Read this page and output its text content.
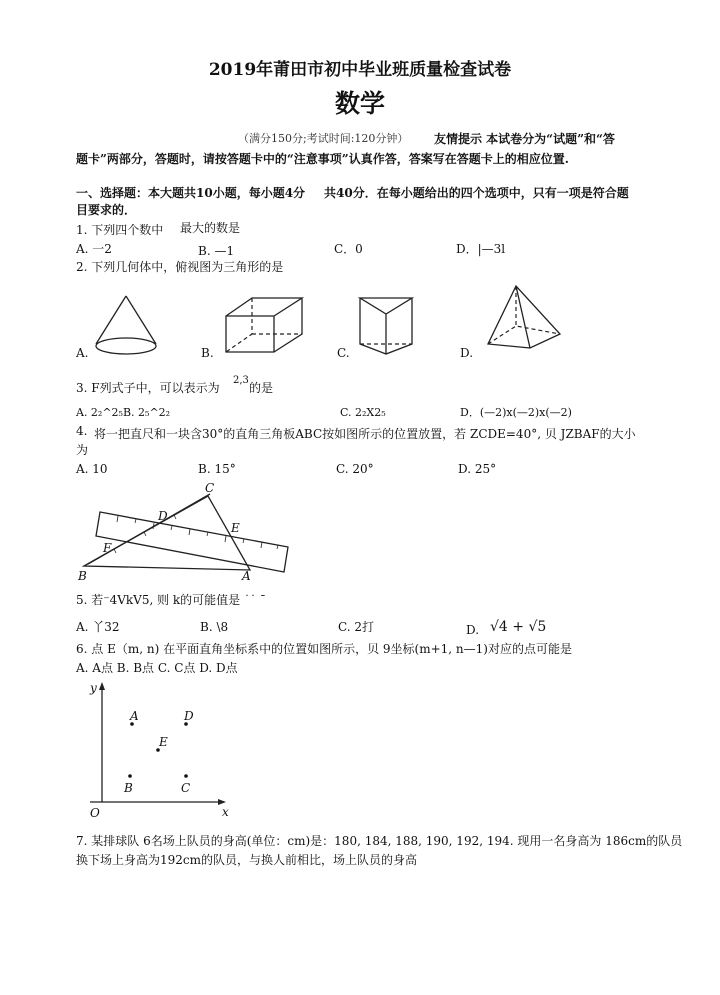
2019年莆田市初中毕业班质量检查试卷
数学
（满分150分;考试时间:120分钟） 友情提示 本试卷分为“试题”和“答
题卡”两部分，答题时，请按答题卡中的“注意事项”认真作答，答案写在答题卡上的相应位置.
一、选择题：本大题共10小题，每小题4分 共40分．在每小题给出的四个选项中，只有一项是符合题
目要求的．
1. 下列四个数中 最大的数是
A. 一2	B. —1	C．0	D．|—3l
2. 下列几何体中，俯视图为三角形的是
A.	B.	C.	D.
3. F列式子中，可以表示为
2,3
的是
A. 2₂^2₅B. 2₅^2₂	C. 2₂X2₅	D．(—2)x(—2)x(—2)
4. 将一把直尺和一块含30°的直角三角板ABC按如图所示的位置放置，若 ZCDE=40°, 贝 JZBAF的大小
为
A. 10	B. 15°	C. 20°	D. 25°
C
D
E
F
B	A
5. 若⁻4VkV5, 则 k的可能值是 ˙˙ ¯
A. 丫32	B. \8	C. 2打	D. √4 + √5
6. 点 E（m, n) 在平面直角坐标系中的位置如图所示，贝 9坐标(m+1, n—1)对应的点可能是
A. A点 B. B点 C. C点 D. D点
y
A	D
E
B	C
O	x
7. 某排球队 6名场上队员的身高(单位：cm)是：180, 184, 188, 190, 192, 194. 现用一名身高为 186cm的队员
换下场上身高为192cm的队员，与换人前相比，场上队员的身高
